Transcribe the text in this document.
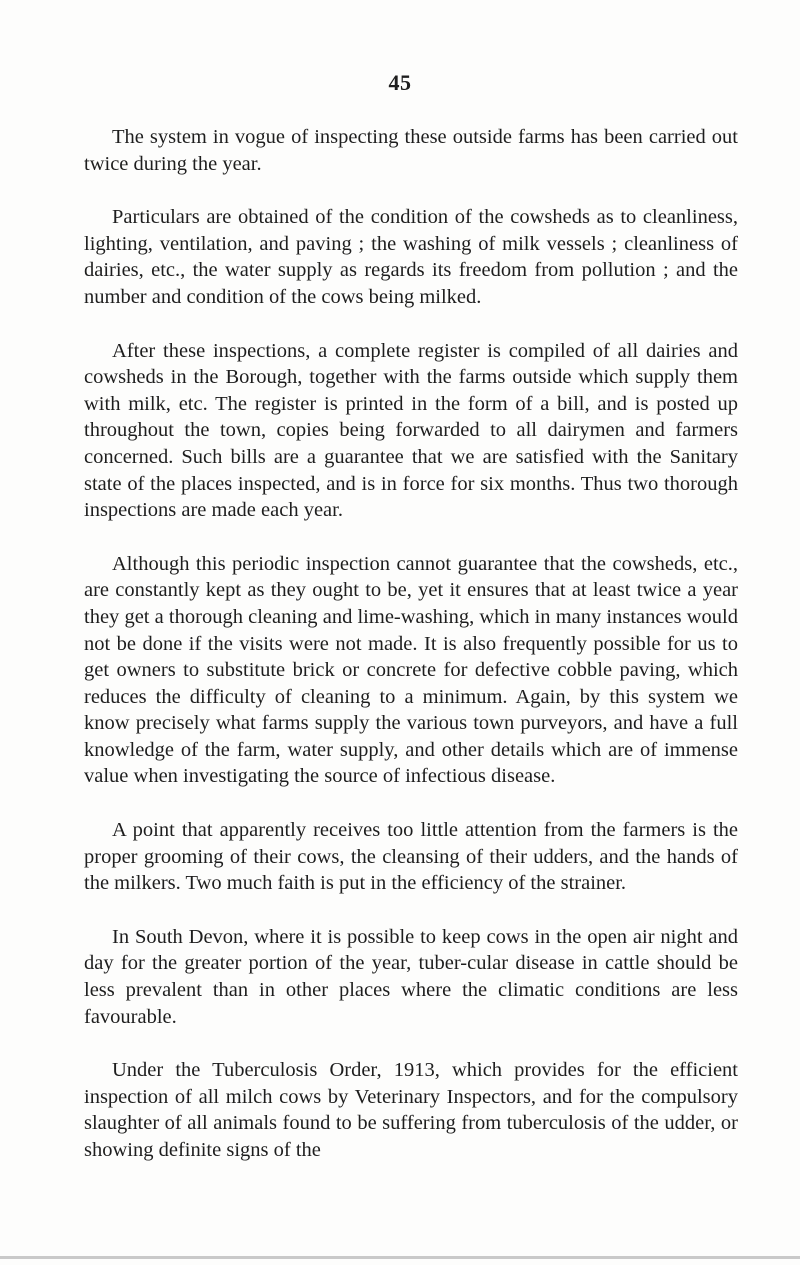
45

The system in vogue of inspecting these outside farms has been carried out twice during the year.

Particulars are obtained of the condition of the cowsheds as to cleanliness, lighting, ventilation, and paving ; the washing of milk vessels ; cleanliness of dairies, etc., the water supply as regards its freedom from pollution ; and the number and condition of the cows being milked.

After these inspections, a complete register is compiled of all dairies and cowsheds in the Borough, together with the farms outside which supply them with milk, etc. The register is printed in the form of a bill, and is posted up throughout the town, copies being forwarded to all dairymen and farmers concerned. Such bills are a guarantee that we are satisfied with the Sanitary state of the places inspected, and is in force for six months. Thus two thorough inspections are made each year.

Although this periodic inspection cannot guarantee that the cowsheds, etc., are constantly kept as they ought to be, yet it ensures that at least twice a year they get a thorough cleaning and lime-washing, which in many instances would not be done if the visits were not made. It is also frequently possible for us to get owners to substitute brick or concrete for defective cobble paving, which reduces the difficulty of cleaning to a minimum. Again, by this system we know precisely what farms supply the various town purveyors, and have a full knowledge of the farm, water supply, and other details which are of immense value when investigating the source of infectious disease.

A point that apparently receives too little attention from the farmers is the proper grooming of their cows, the cleansing of their udders, and the hands of the milkers. Two much faith is put in the efficiency of the strainer.

In South Devon, where it is possible to keep cows in the open air night and day for the greater portion of the year, tuber-cular disease in cattle should be less prevalent than in other places where the climatic conditions are less favourable.

Under the Tuberculosis Order, 1913, which provides for the efficient inspection of all milch cows by Veterinary Inspectors, and for the compulsory slaughter of all animals found to be suffering from tuberculosis of the udder, or showing definite signs of the
